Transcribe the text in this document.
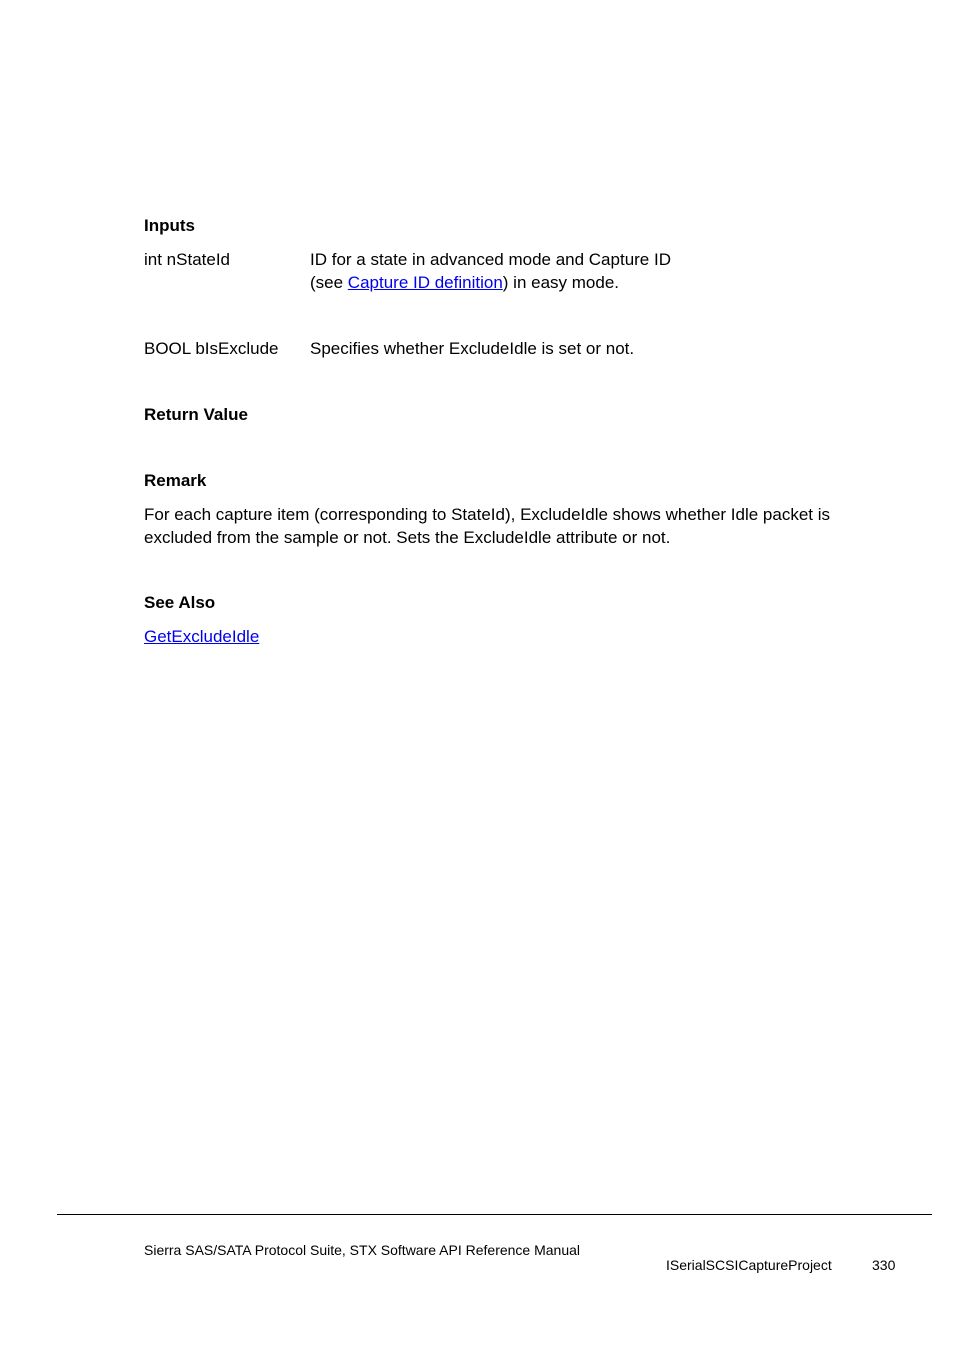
Inputs
int nStateId	ID for a state in advanced mode and Capture ID
(see Capture ID definition) in easy mode.
BOOL bIsExclude Specifies whether ExcludeIdle is set or not.
Return Value
Remark
For each capture item (corresponding to StateId), ExcludeIdle shows whether Idle packet is
excluded from the sample or not. Sets the ExcludeIdle attribute or not.
See Also
GetExcludeIdle
Sierra SAS/SATA Protocol Suite, STX Software API Reference Manual
ISerialSCSICaptureProject	330
